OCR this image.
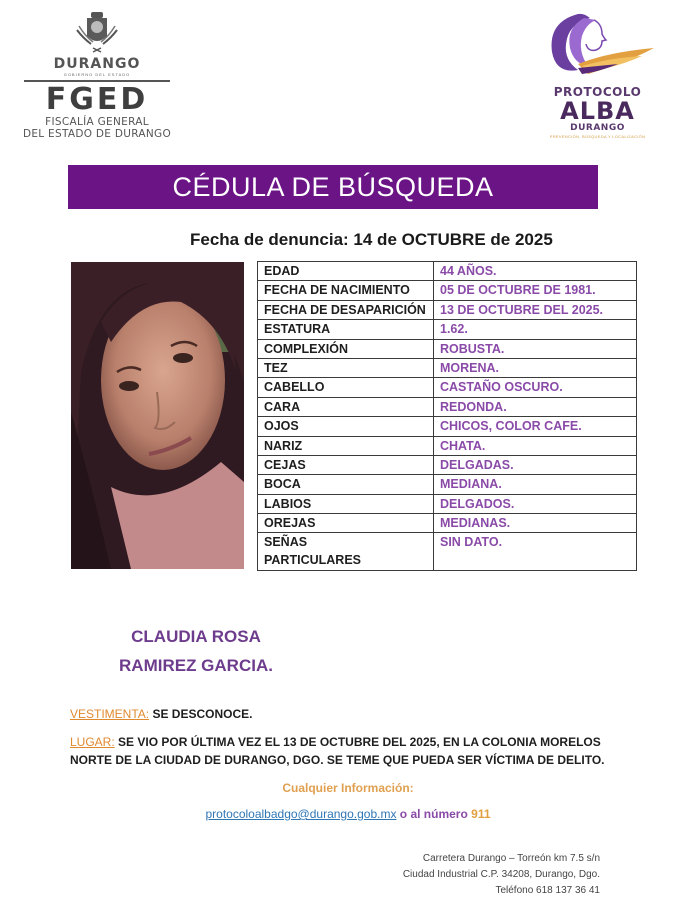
DURANGO
GOBIERNO DEL ESTADO
FGED
FISCALÍA GENERAL
DEL ESTADO DE DURANGO
PROTOCOLO
ALBA
DURANGO
PREVENCIÓN, BÚSQUEDA Y LOCALIZACIÓN
CÉDULA DE BÚSQUEDA
Fecha de denuncia: 14 de OCTUBRE de 2025
EDAD	44 AÑOS.
FECHA DE NACIMIENTO	05 DE OCTUBRE DE 1981.
FECHA DE DESAPARICIÓN	13 DE OCTUBRE DEL 2025.
ESTATURA	1.62.
COMPLEXIÓN	ROBUSTA.
TEZ	MORENA.
CABELLO	CASTAÑO OSCURO.
CARA	REDONDA.
OJOS	CHICOS, COLOR CAFE.
NARIZ	CHATA.
CEJAS	DELGADAS.
BOCA	MEDIANA.
LABIOS	DELGADOS.
OREJAS	MEDIANAS.
SEÑAS
PARTICULARES	SIN DATO.
CLAUDIA ROSA
RAMIREZ GARCIA.
VESTIMENTA: SE DESCONOCE.
LUGAR: SE VIO POR ÚLTIMA VEZ EL 13 DE OCTUBRE DEL 2025, EN LA COLONIA MORELOS NORTE DE LA CIUDAD DE DURANGO, DGO. SE TEME QUE PUEDA SER VÍCTIMA DE DELITO.
Cualquier Información:
protocoloalbadgo@durango.gob.mx o al número 911
Carretera Durango – Torreón km 7.5 s/n
Ciudad Industrial C.P. 34208, Durango, Dgo.
Teléfono 618 137 36 41
